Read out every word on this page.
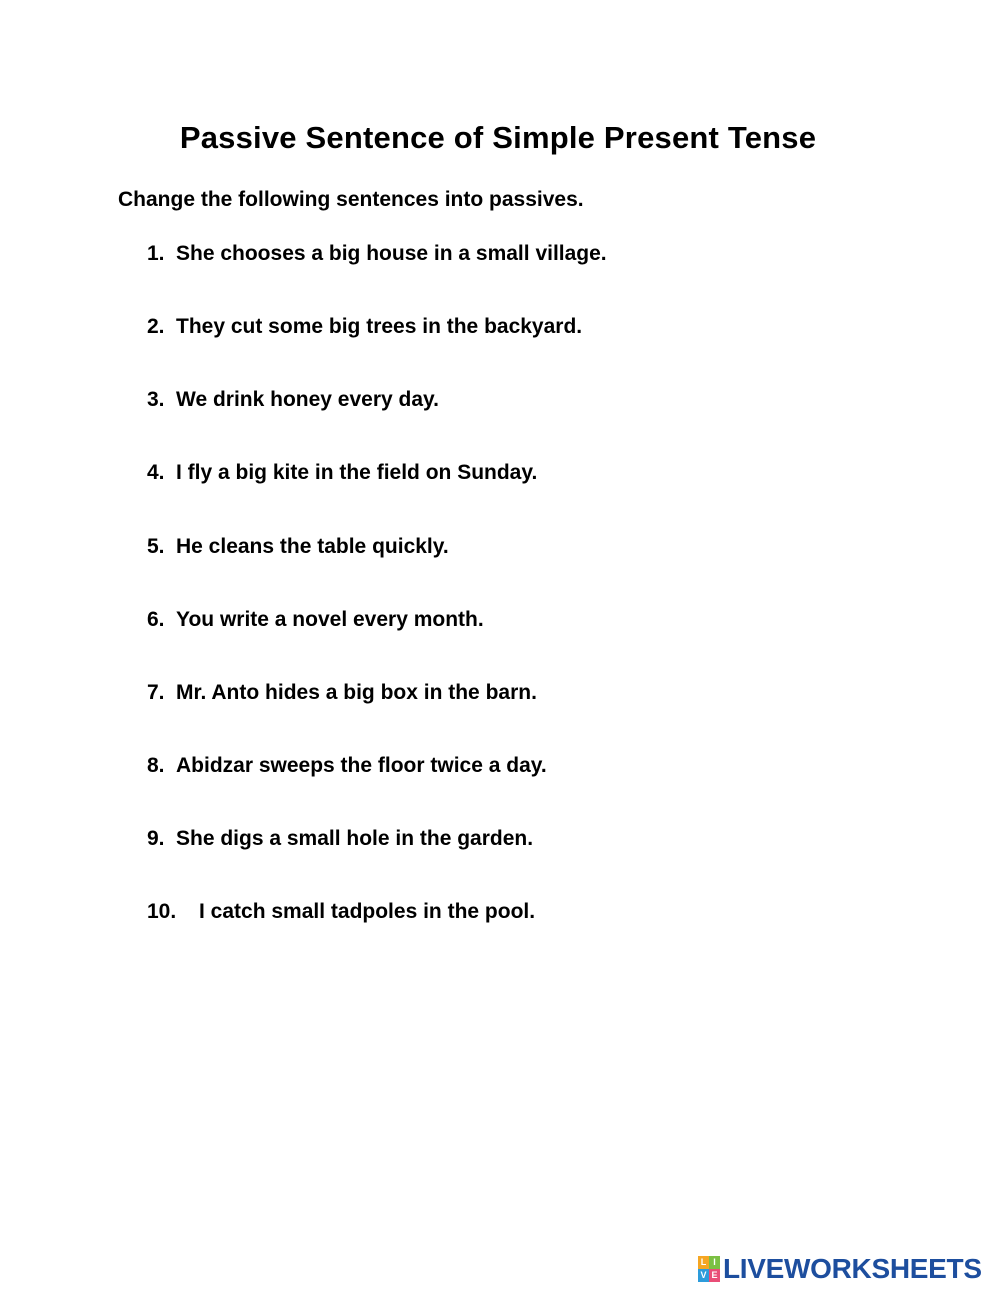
Passive Sentence of Simple Present Tense
Change the following sentences into passives.
1. She chooses a big house in a small village.
2. They cut some big trees in the backyard.
3. We drink honey every day.
4. I fly a big kite in the field on Sunday.
5. He cleans the table quickly.
6. You write a novel every month.
7. Mr. Anto hides a big box in the barn.
8. Abidzar sweeps the floor twice a day.
9. She digs a small hole in the garden.
10. I catch small tadpoles in the pool.
L I
V E LIVEWORKSHEETS
